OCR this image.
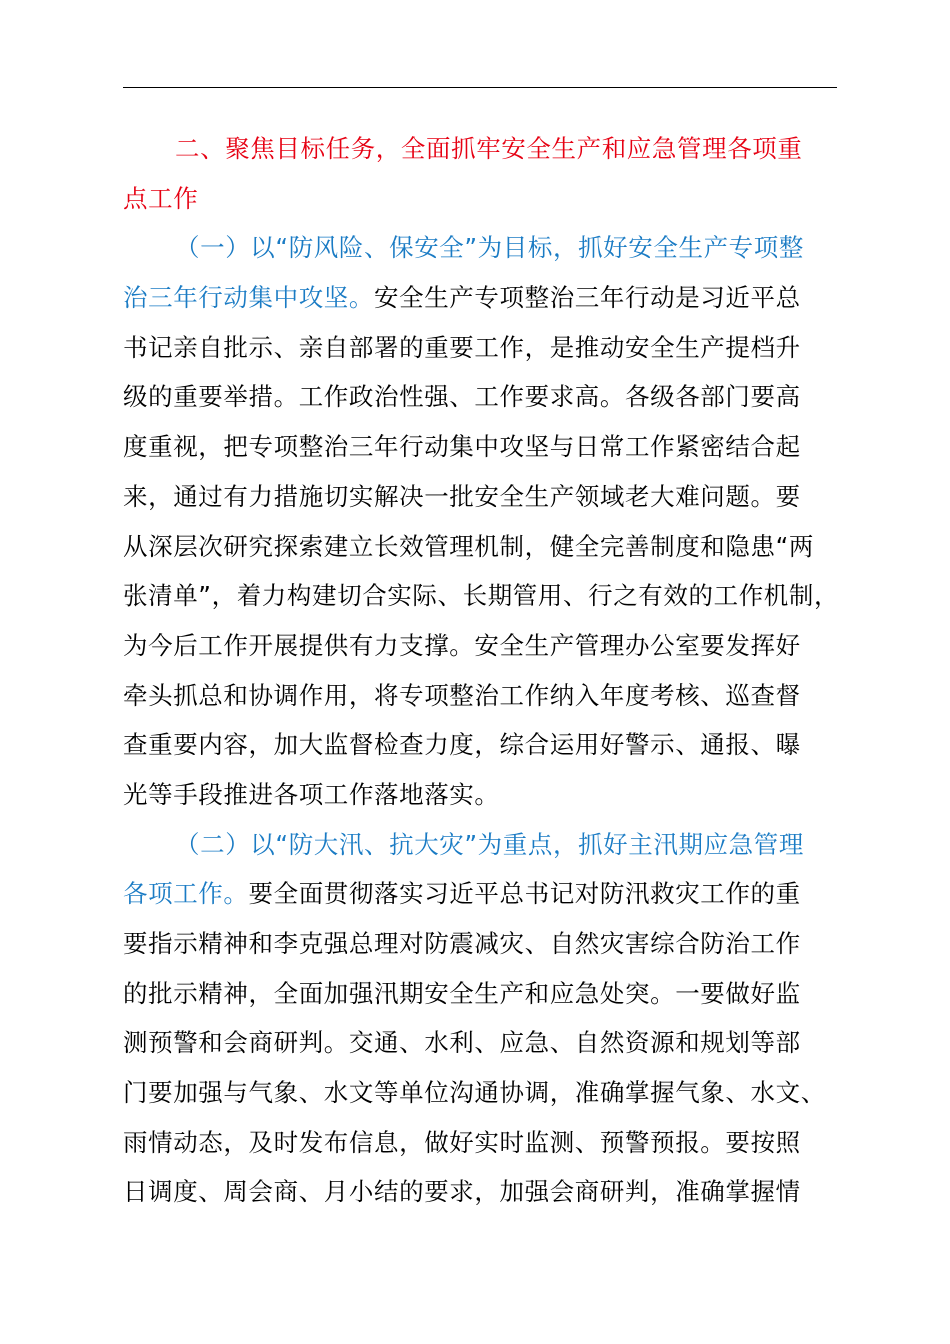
二、聚焦目标任务，全面抓牢安全生产和应急管理各项重
点工作
（一）以“防风险、保安全”为目标，抓好安全生产专项整
治三年行动集中攻坚。安全生产专项整治三年行动是习近平总
书记亲自批示、亲自部署的重要工作，是推动安全生产提档升
级的重要举措。工作政治性强、工作要求高。各级各部门要高
度重视，把专项整治三年行动集中攻坚与日常工作紧密结合起
来，通过有力措施切实解决一批安全生产领域老大难问题。要
从深层次研究探索建立长效管理机制，健全完善制度和隐患“两
张清单”，着力构建切合实际、长期管用、行之有效的工作机制，
为今后工作开展提供有力支撑。安全生产管理办公室要发挥好
牵头抓总和协调作用，将专项整治工作纳入年度考核、巡查督
查重要内容，加大监督检查力度，综合运用好警示、通报、曝
光等手段推进各项工作落地落实。
（二）以“防大汛、抗大灾”为重点，抓好主汛期应急管理
各项工作。要全面贯彻落实习近平总书记对防汛救灾工作的重
要指示精神和李克强总理对防震减灾、自然灾害综合防治工作
的批示精神，全面加强汛期安全生产和应急处突。一要做好监
测预警和会商研判。交通、水利、应急、自然资源和规划等部
门要加强与气象、水文等单位沟通协调，准确掌握气象、水文、
雨情动态，及时发布信息，做好实时监测、预警预报。要按照
日调度、周会商、月小结的要求，加强会商研判，准确掌握情
